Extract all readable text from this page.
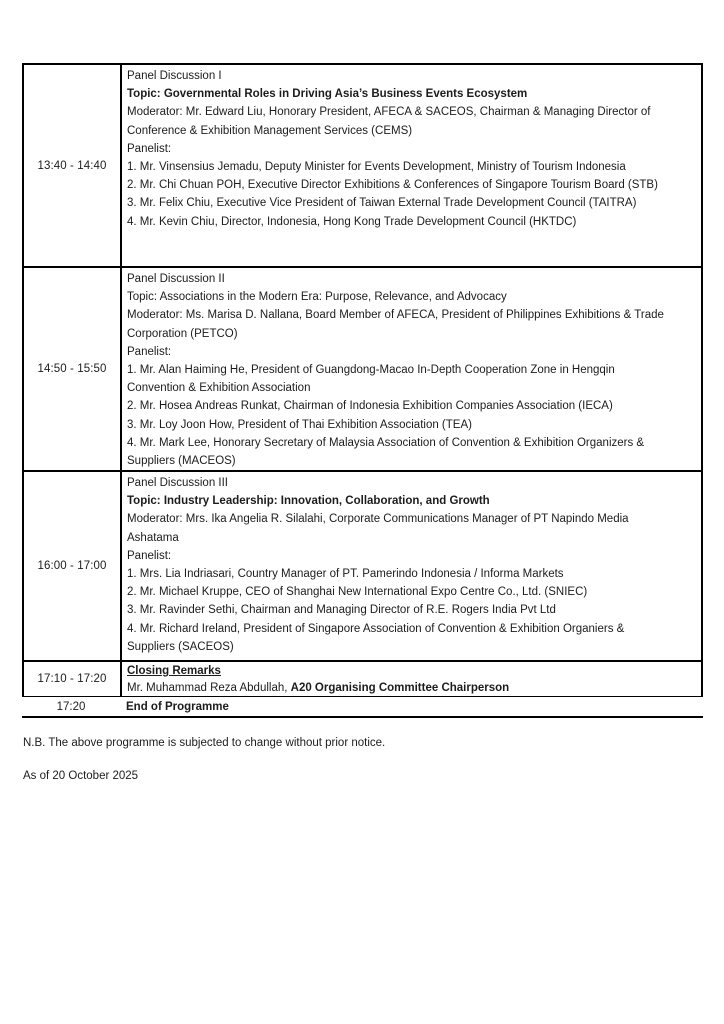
13:40 - 14:40
Panel Discussion I
Topic: Governmental Roles in Driving Asia’s Business Events Ecosystem
Moderator: Mr. Edward Liu, Honorary President, AFECA & SACEOS, Chairman & Managing Director of
Conference & Exhibition Management Services (CEMS)
Panelist:
1. Mr. Vinsensius Jemadu, Deputy Minister for Events Development, Ministry of Tourism Indonesia
2. Mr. Chi Chuan POH, Executive Director Exhibitions & Conferences of Singapore Tourism Board (STB)
3. Mr. Felix Chiu, Executive Vice President of Taiwan External Trade Development Council (TAITRA)
4. Mr. Kevin Chiu, Director, Indonesia, Hong Kong Trade Development Council (HKTDC)
14:50 - 15:50
Panel Discussion II
Topic: Associations in the Modern Era: Purpose, Relevance, and Advocacy
Moderator: Ms. Marisa D. Nallana, Board Member of AFECA, President of Philippines Exhibitions & Trade
Corporation (PETCO)
Panelist:
1. Mr. Alan Haiming He, President of Guangdong-Macao In-Depth Cooperation Zone in Hengqin
Convention & Exhibition Association
2. Mr. Hosea Andreas Runkat, Chairman of Indonesia Exhibition Companies Association (IECA)
3. Mr. Loy Joon How, President of Thai Exhibition Association (TEA)
4. Mr. Mark Lee, Honorary Secretary of Malaysia Association of Convention & Exhibition Organizers &
Suppliers (MACEOS)
16:00 - 17:00
Panel Discussion III
Topic: Industry Leadership: Innovation, Collaboration, and Growth
Moderator: Mrs. Ika Angelia R. Silalahi, Corporate Communications Manager of PT Napindo Media
Ashatama
Panelist:
1. Mrs. Lia Indriasari, Country Manager of PT. Pamerindo Indonesia / Informa Markets
2. Mr. Michael Kruppe, CEO of Shanghai New International Expo Centre Co., Ltd. (SNIEC)
3. Mr. Ravinder Sethi, Chairman and Managing Director of R.E. Rogers India Pvt Ltd
4. Mr. Richard Ireland, President of Singapore Association of Convention & Exhibition Organiers &
Suppliers (SACEOS)
17:10 - 17:20
Closing Remarks
Mr. Muhammad Reza Abdullah, A20 Organising Committee Chairperson
17:20	End of Programme
N.B. The above programme is subjected to change without prior notice.
As of 20 October 2025
